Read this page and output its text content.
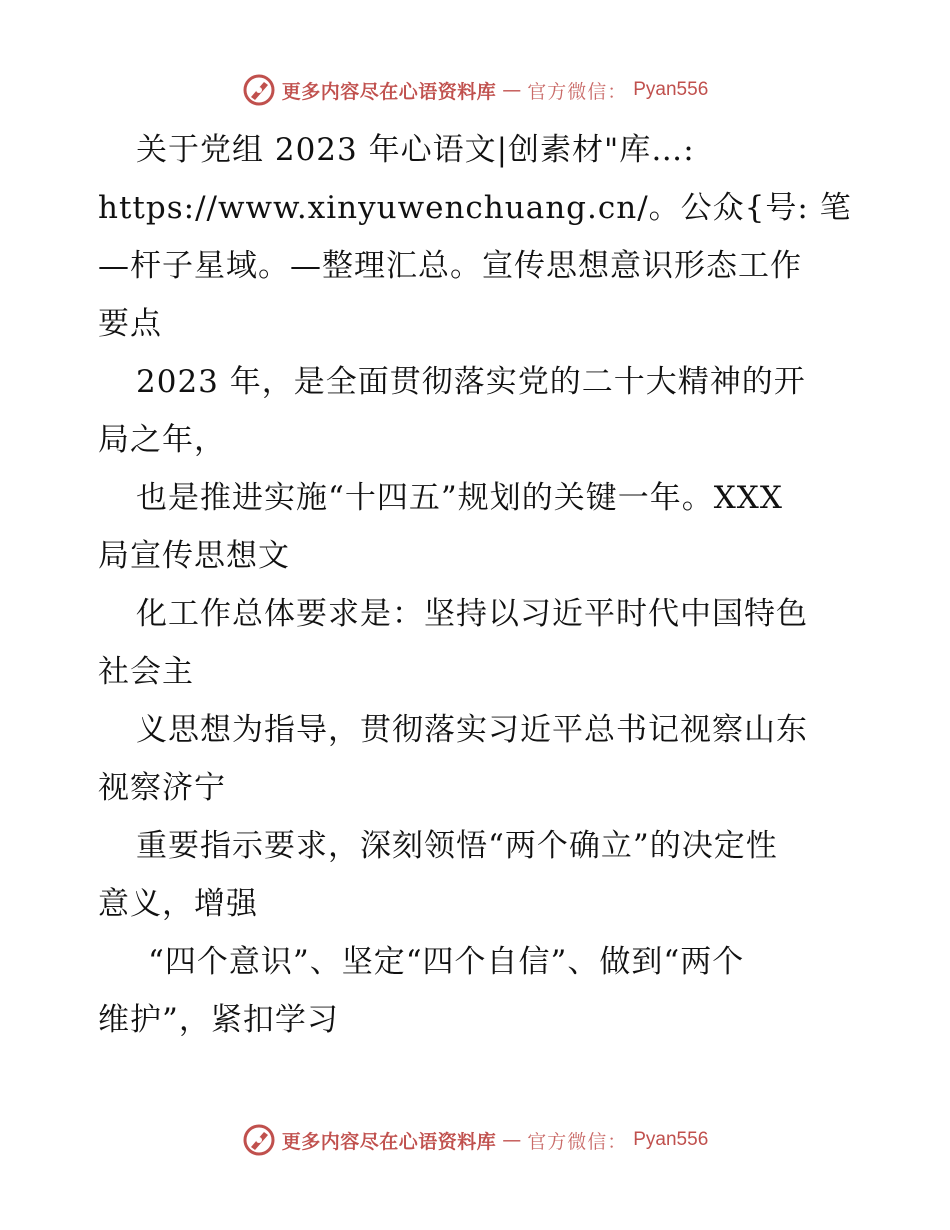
更多内容尽在心语资料库 — 官方微信： Pyan556
关于党组 2023 年心语文|创素材"库…:
https://www.xinyuwenchuang.cn/。公众{号: 笔
—杆子星域。—整理汇总。宣传思想意识形态工作
要点
2023 年，是全面贯彻落实党的二十大精神的开
局之年，
也是推进实施“十四五”规划的关键一年。XXX
局宣传思想文
化工作总体要求是：坚持以习近平时代中国特色
社会主
义思想为指导，贯彻落实习近平总书记视察山东
视察济宁
重要指示要求，深刻领悟“两个确立”的决定性
意义，增强
“四个意识”、坚定“四个自信”、做到“两个
维护”，紧扣学习
更多内容尽在心语资料库 — 官方微信： Pyan556
